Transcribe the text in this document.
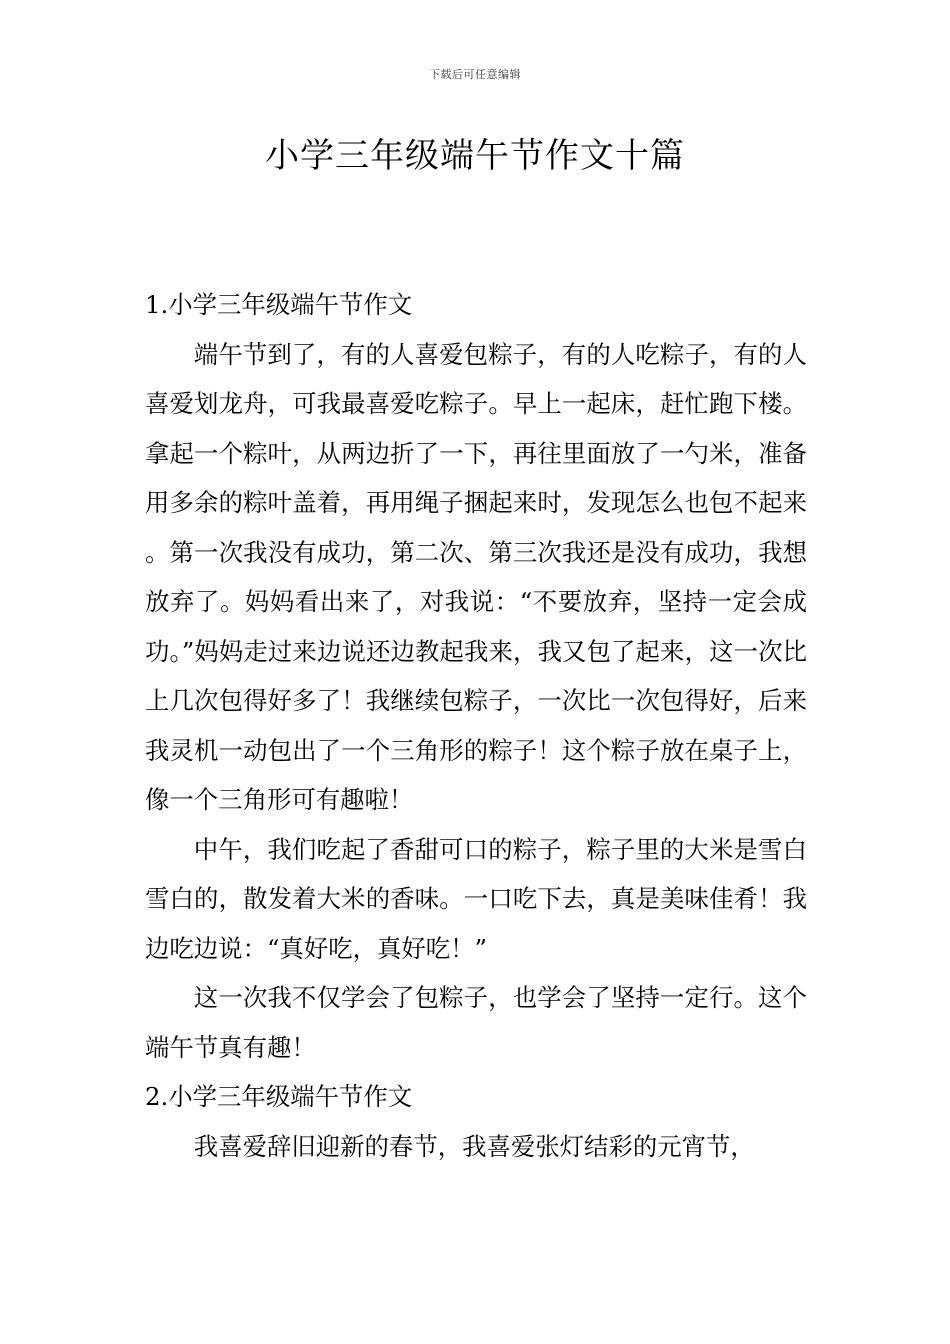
下载后可任意编辑
小学三年级端午节作文十篇

1.小学三年级端午节作文

端午节到了，有的人喜爱包粽子，有的人吃粽子，有的人喜爱划龙舟，可我最喜爱吃粽子。早上一起床，赶忙跑下楼。拿起一个粽叶，从两边折了一下，再往里面放了一勺米，准备用多余的粽叶盖着，再用绳子捆起来时，发现怎么也包不起来。第一次我没有成功，第二次、第三次我还是没有成功，我想放弃了。妈妈看出来了，对我说：“不要放弃，坚持一定会成功。”妈妈走过来边说还边教起我来，我又包了起来，这一次比上几次包得好多了！我继续包粽子，一次比一次包得好，后来我灵机一动包出了一个三角形的粽子！这个粽子放在桌子上，像一个三角形可有趣啦！

中午，我们吃起了香甜可口的粽子，粽子里的大米是雪白雪白的，散发着大米的香味。一口吃下去，真是美味佳肴！我边吃边说：“真好吃，真好吃！”

这一次我不仅学会了包粽子，也学会了坚持一定行。这个端午节真有趣！

2.小学三年级端午节作文

我喜爱辞旧迎新的春节，我喜爱张灯结彩的元宵节，
